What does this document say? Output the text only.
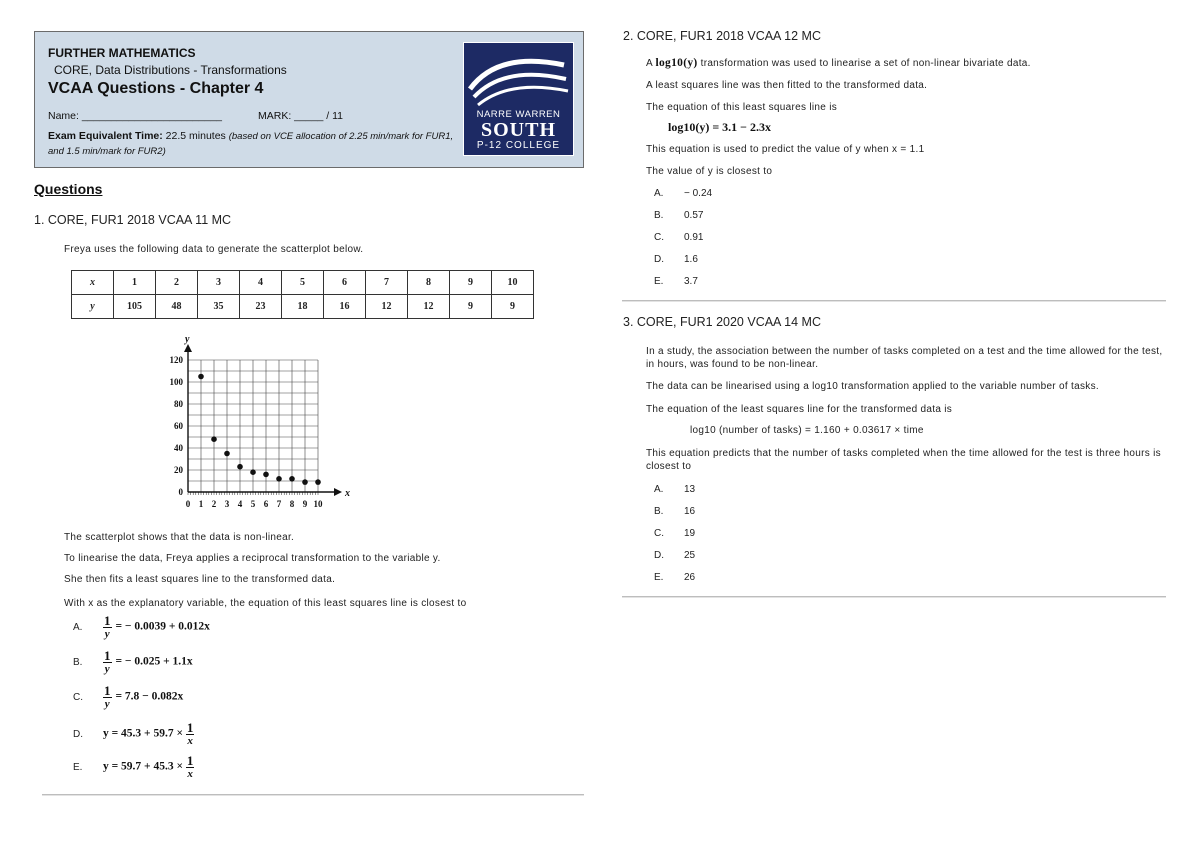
FURTHER MATHEMATICS
CORE, Data Distributions - Transformations
VCAA Questions - Chapter 4
Name: ________________________	MARK: _____ / 11
Exam Equivalent Time: 22.5 minutes (based on VCE allocation of 2.25 min/mark for FUR1, and 1.5 min/mark for FUR2)
NARRE WARREN
SOUTH
P-12 COLLEGE
Questions
1. CORE, FUR1 2018 VCAA 11 MC
Freya uses the following data to generate the scatterplot below.
x	1	2	3	4	5	6	7	8	9	10
y	105	48	35	23	18	16	12	12	9	9
x
y
0 1 2 3 4 5 6 7 8 9 10
0
20
40
60
80
100
120
The scatterplot shows that the data is non-linear.
To linearise the data, Freya applies a reciprocal transformation to the variable y.
She then fits a least squares line to the transformed data.
With x as the explanatory variable, the equation of this least squares line is closest to
A. $\frac{1}{y}$ = − 0.0039 + 0.012x
B. $\frac{1}{y}$ = − 0.025 + 1.1x
C. $\frac{1}{y} = 7.8 - 0.082x$
D. $y = 45.3 + 59.7 \times \frac{1}{x}$
E. $y = 59.7 + 45.3 \times \frac{1}{x}$
2. CORE, FUR1 2018 VCAA 12 MC
A log10(y) transformation was used to linearise a set of non-linear bivariate data.
A least squares line was then fitted to the transformed data.
The equation of this least squares line is
log10(y) = 3.1 − 2.3x
This equation is used to predict the value of y when x = 1.1
The value of y is closest to
A. − 0.24
B. 0.57
C. 0.91
D. 1.6
E. 3.7
3. CORE, FUR1 2020 VCAA 14 MC
In a study, the association between the number of tasks completed on a test and the time allowed for the test, in hours, was found to be non-linear.
The data can be linearised using a log10 transformation applied to the variable number of tasks.
The equation of the least squares line for the transformed data is
log10 (number of tasks) = 1.160 + 0.03617 × time
This equation predicts that the number of tasks completed when the time allowed for the test is three hours is closest to
A. 13
B. 16
C. 19
D. 25
E. 26
